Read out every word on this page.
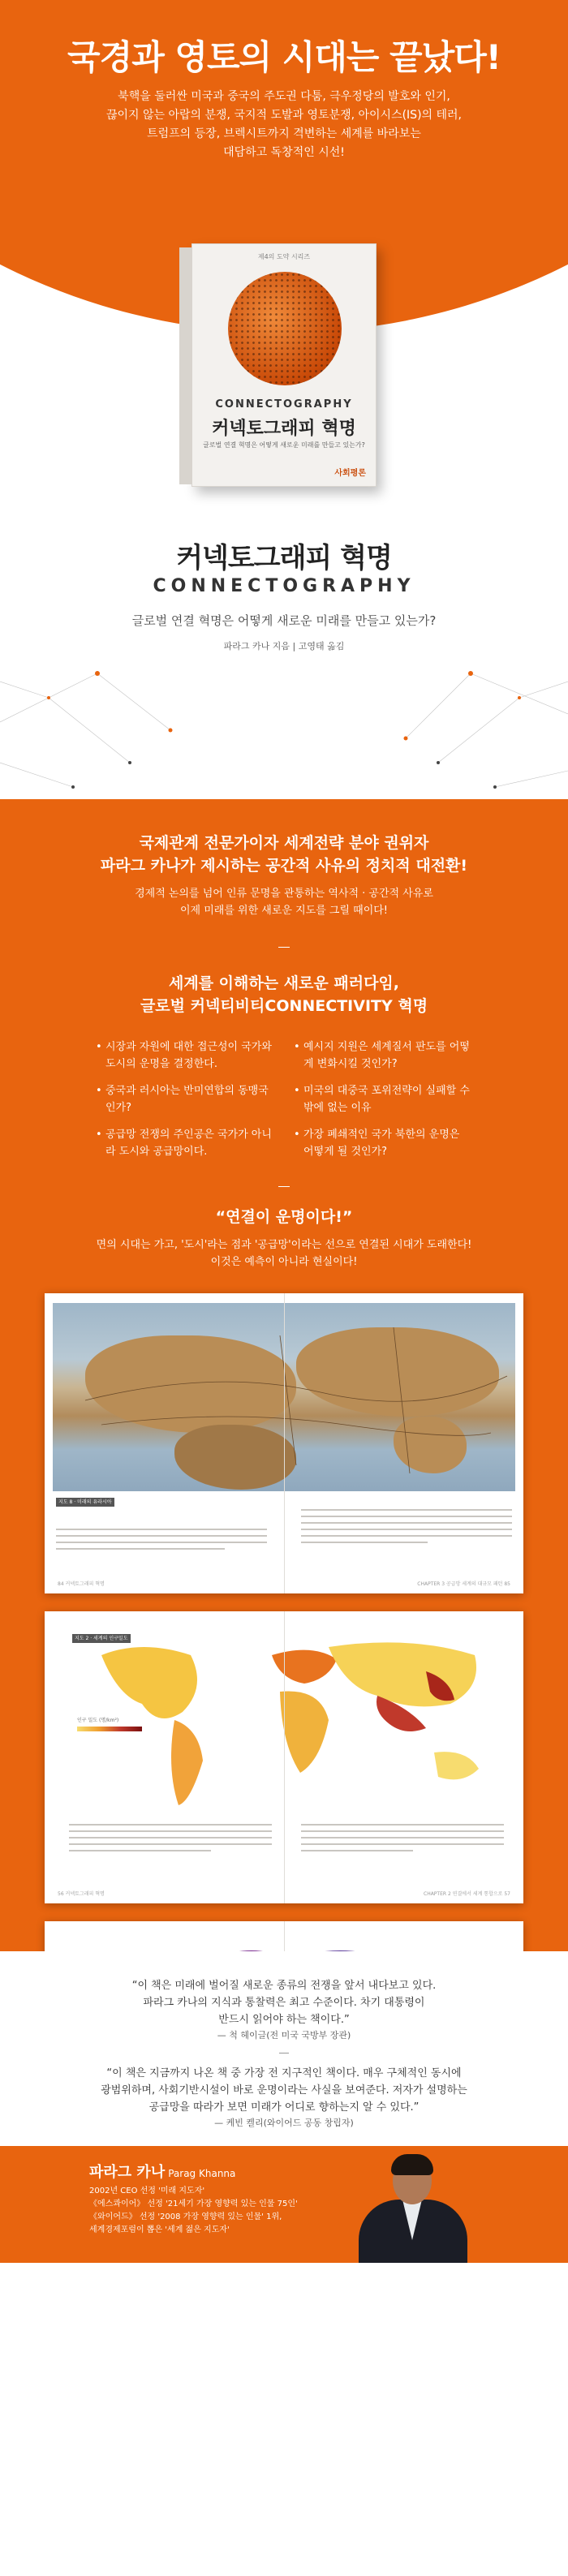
국경과 영토의 시대는 끝났다!
북핵을 둘러싼 미국과 중국의 주도권 다툼, 극우정당의 발호와 인기,
끊이지 않는 아랍의 분쟁, 국지적 도발과 영토분쟁, 아이시스(IS)의 테러,
트럼프의 등장, 브렉시트까지 격변하는 세계를 바라보는
대담하고 독창적인 시선!
제4의 도약 시리즈
CONNECTOGRAPHY
커넥토그래피 혁명
글로벌 연결 혁명은 어떻게 새로운 미래를 만들고 있는가?
사회평론
커넥토그래피 혁명
CONNECTOGRAPHY
글로벌 연결 혁명은 어떻게 새로운 미래를 만들고 있는가?
파라그 카나 지음 | 고영태 옮김
국제관계 전문가이자 세계전략 분야 권위자
파라그 카나가 제시하는 공간적 사유의 정치적 대전환!
경제적 논의를 넘어 인류 문명을 관통하는 역사적 · 공간적 사유로
이제 미래를 위한 새로운 지도를 그릴 때이다!
세계를 이해하는 새로운 패러다임,
글로벌 커넥티비티CONNECTIVITY 혁명
• 시장과 자원에 대한 접근성이 국가와 도시의 운명을 결정한다.
• 중국과 러시아는 반미연합의 동맹국인가?
• 공급망 전쟁의 주인공은 국가가 아니라 도시와 공급망이다.
• 예시지 지원은 세계질서 판도를 어떻게 변화시킬 것인가?
• 미국의 대중국 포위전략이 실패할 수밖에 없는 이유
• 가장 폐쇄적인 국가 북한의 운명은 어떻게 될 것인가?
“연결이 운명이다!”
면의 시대는 가고, '도시'라는 점과 '공급망'이라는 선으로 연결된 시대가 도래한다!
이것은 예측이 아니라 현실이다!
지도 8 · 미래의 유라시아
84 커넥토그래피 혁명	CHAPTER 3 공급망 세계의 대규모 패턴 85
지도 2 · 세계의 인구밀도
인구 밀도 (명/km²)
56 커넥토그래피 혁명	CHAPTER 2 연결에서 세계 통합으로 57
“이 책은 미래에 벌어질 새로운 종류의 전쟁을 앞서 내다보고 있다.
파라그 카나의 지식과 통찰력은 최고 수준이다. 차기 대통령이
반드시 읽어야 하는 책이다.”
— 척 헤이글(전 미국 국방부 장관)
“이 책은 지금까지 나온 책 중 가장 전 지구적인 책이다. 매우 구체적인 동시에
광범위하며, 사회기반시설이 바로 운명이라는 사실을 보여준다. 저자가 설명하는
공급망을 따라가 보면 미래가 어디로 향하는지 알 수 있다.”
— 케빈 켈리(와이어드 공동 창립자)
파라그 카나 Parag Khanna
2002년 CEO 선정 '미래 지도자'
《에스콰이어》 선정 '21세기 가장 영향력 있는 인물 75인'
《와이어드》 선정 '2008 가장 영향력 있는 인물' 1위,
세계경제포럼이 뽑은 '세계 젊은 지도자'
